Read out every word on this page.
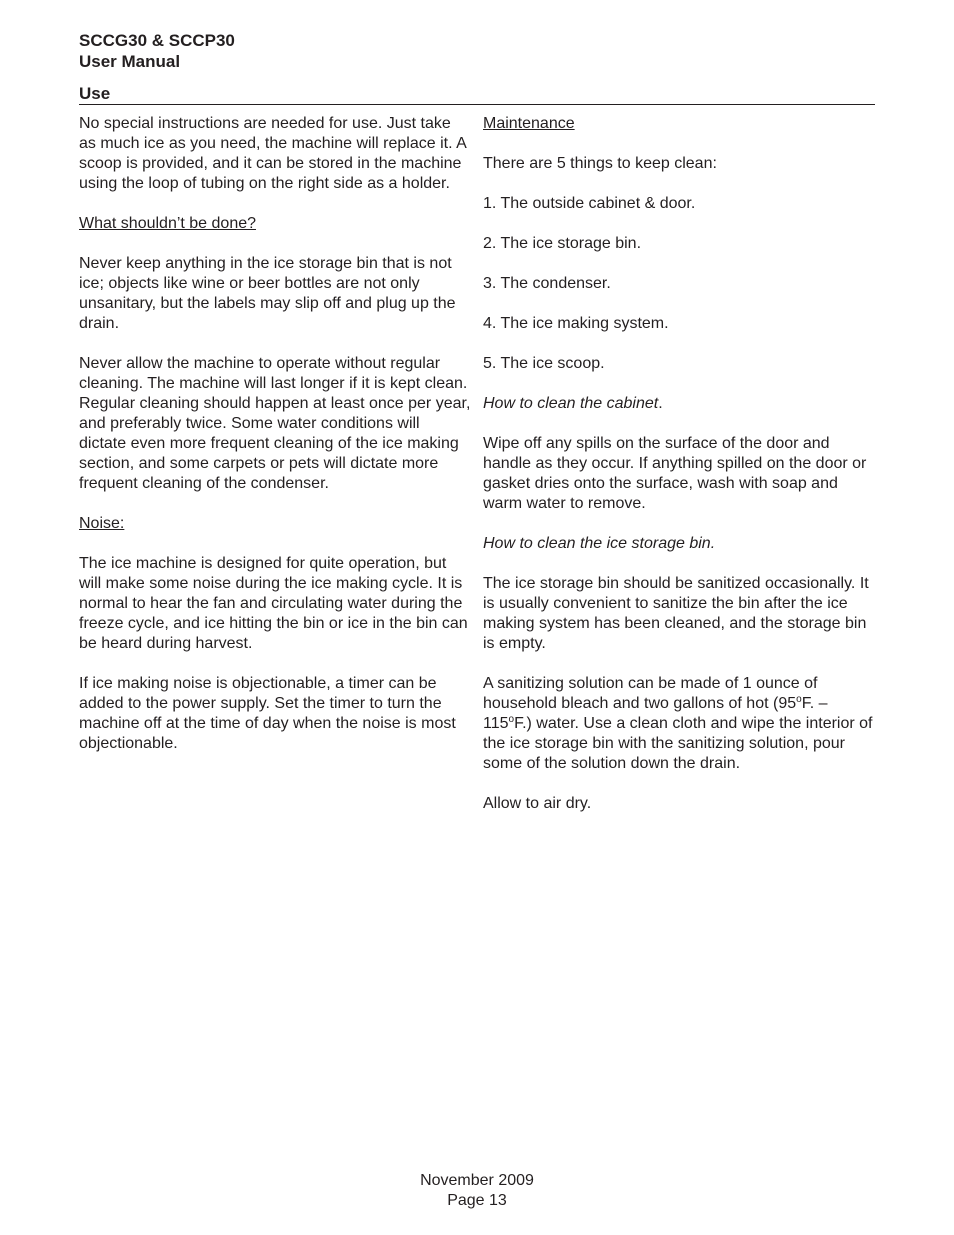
SCCG30 & SCCP30
User Manual
Use

No special instructions are needed for use. Just take as much ice as you need, the machine will replace it. A scoop is provided, and it can be stored in the machine using the loop of tubing on the right side as a holder.

What shouldn’t be done?

Never keep anything in the ice storage bin that is not ice; objects like wine or beer bottles are not only unsanitary, but the labels may slip off and plug up the drain.

Never allow the machine to operate without regular cleaning. The machine will last longer if it is kept clean. Regular cleaning should happen at least once per year, and preferably twice. Some water conditions will dictate even more frequent cleaning of the ice making section, and some carpets or pets will dictate more frequent cleaning of the condenser.

Noise:

The ice machine is designed for quite operation, but will make some noise during the ice making cycle. It is normal to hear the fan and circulating water during the freeze cycle, and ice hitting the bin or ice in the bin can be heard during harvest.

If ice making noise is objectionable, a timer can be added to the power supply. Set the timer to turn the machine off at the time of day when the noise is most objectionable.

Maintenance

There are 5 things to keep clean:

1. The outside cabinet & door.

2. The ice storage bin.

3. The condenser.

4. The ice making system.

5. The ice scoop.

How to clean the cabinet.

Wipe off any spills on the surface of the door and handle as they occur. If anything spilled on the door or gasket dries onto the surface, wash with soap and warm water to remove.

How to clean the ice storage bin.

The ice storage bin should be sanitized occasionally. It is usually convenient to sanitize the bin after the ice making system has been cleaned, and the storage bin is empty.

A sanitizing solution can be made of 1 ounce of household bleach and two gallons of hot (95$^o$F. – 115$^o$F.) water. Use a clean cloth and wipe the interior of the ice storage bin with the sanitizing solution, pour some of the solution down the drain.

Allow to air dry.

November 2009
Page 13
